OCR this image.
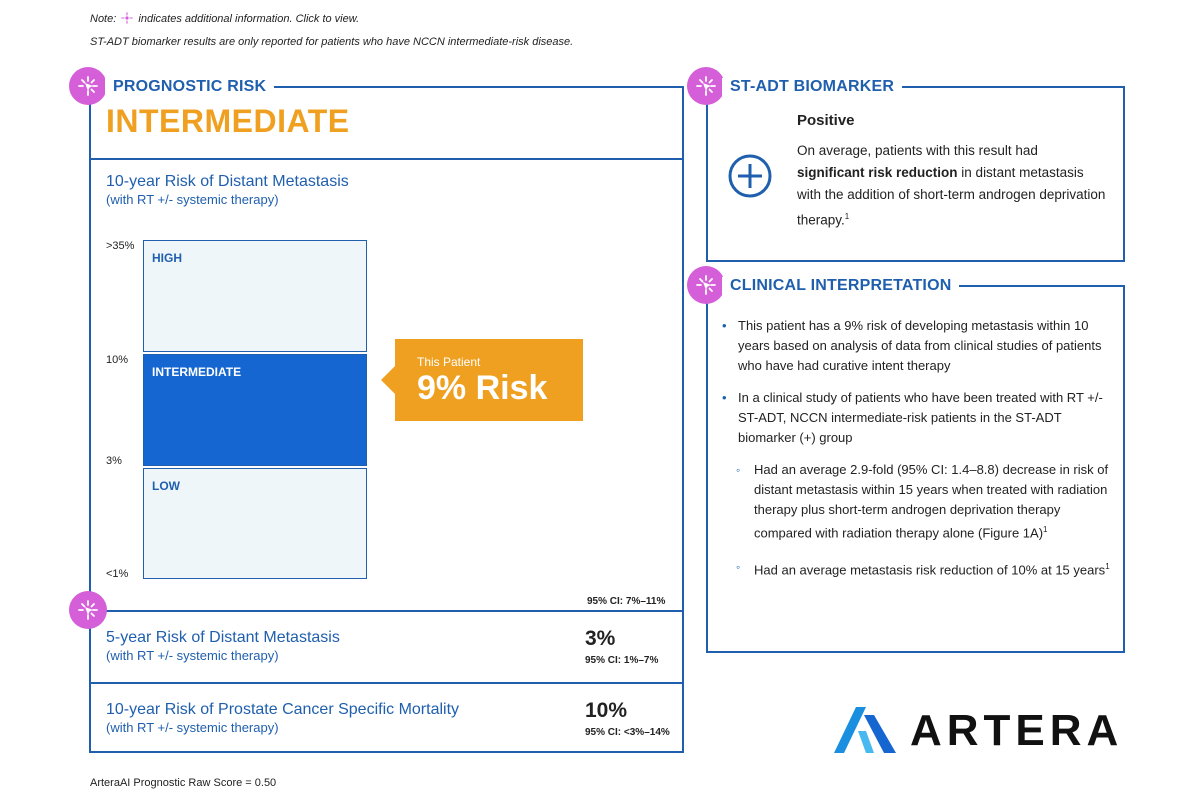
Note: indicates additional information. Click to view.
ST-ADT biomarker results are only reported for patients who have NCCN intermediate-risk disease.
PROGNOSTIC RISK
INTERMEDIATE
10-year Risk of Distant Metastasis
(with RT +/- systemic therapy)
>35%
10%
3%
<1%
HIGH
INTERMEDIATE
LOW
This Patient
9% Risk
95% CI: 7%–11%
5-year Risk of Distant Metastasis
(with RT +/- systemic therapy)
3%
95% CI: 1%–7%
10-year Risk of Prostate Cancer Specific Mortality
(with RT +/- systemic therapy)
10%
95% CI: <3%–14%
ArteraAI Prognostic Raw Score = 0.50
ST-ADT BIOMARKER
Positive
On average, patients with this result had significant risk reduction in distant metastasis with the addition of short-term androgen deprivation therapy.$^1$
CLINICAL INTERPRETATION
• This patient has a 9% risk of developing metastasis within 10 years based on analysis of data from clinical studies of patients who have had curative intent therapy
• In a clinical study of patients who have been treated with RT +/- ST-ADT, NCCN intermediate-risk patients in the ST-ADT biomarker (+) group
◦ Had an average 2.9-fold (95% CI: 1.4–8.8) decrease in risk of distant metastasis within 15 years when treated with radiation therapy plus short-term androgen deprivation therapy compared with radiation therapy alone (Figure 1A)$^1$
◦ Had an average metastasis risk reduction of 10% at 15 years$^1$
ARTERA
